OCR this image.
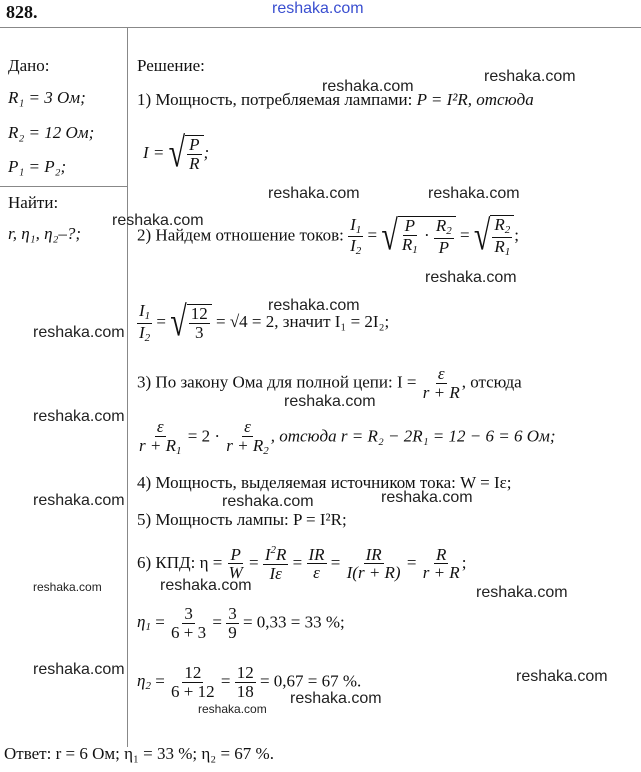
828.	reshaka.com
Дано:
R₁ = 3 Ом;
R₂ = 12 Ом;
P₁ = P₂;
Найти:
r, η₁, η₂–?;
Решение:
1) Мощность, потребляемая лампами: P = I²R, отсюда
I = √ $\frac{P}{R}$ ;
2) Найдем отношение токов: $\frac{I_1}{I_2}$ = √ $\frac{P}{R_1} \cdot \frac{R_2}{P}$ = √ $\frac{R_2}{R_1}$ ;
$\frac{I_1}{I_2}$ = √ $\frac{12}{3} = √4 = 2$, значит I₁ = 2I₂;
3) По закону Ома для полной цепи: $I = \frac{\varepsilon}{r + R}$ , отсюда
$\frac{\varepsilon}{r + R_1} = 2 \cdot \frac{\varepsilon}{r + R_2}$ , отсюда r = R₂ − 2R₁ = 12 − 6 = 6 Ом;
4) Мощность, выделяемая источником тока: W = Iε;
5) Мощность лампы: P = I²R;
6) КПД: $\eta = \frac{P}{W} = \frac{I^2R}{I\varepsilon} = \frac{IR}{\varepsilon} = \frac{IR}{I(r + R)} = \frac{R}{r + R}$ ;
$\eta_1 = \frac{3}{6 + 3} = \frac{3}{9} = 0,33 = 33$ %;
$\eta_2 = \frac{12}{6 + 12} = \frac{12}{18} = 0,67 = 67$ %.
Ответ: r = 6 Ом; η₁ = 33 %; η₂ = 67 %.
reshaka.com
reshaka.com
reshaka.com
reshaka.com
reshaka.com
reshaka.com
reshaka.com
reshaka.com
reshaka.com
reshaka.com
reshaka.com	reshaka.com	reshaka.com
reshaka.com	reshaka.com
reshaka.com
reshaka.com	reshaka.com
reshaka.com
reshaka.com
